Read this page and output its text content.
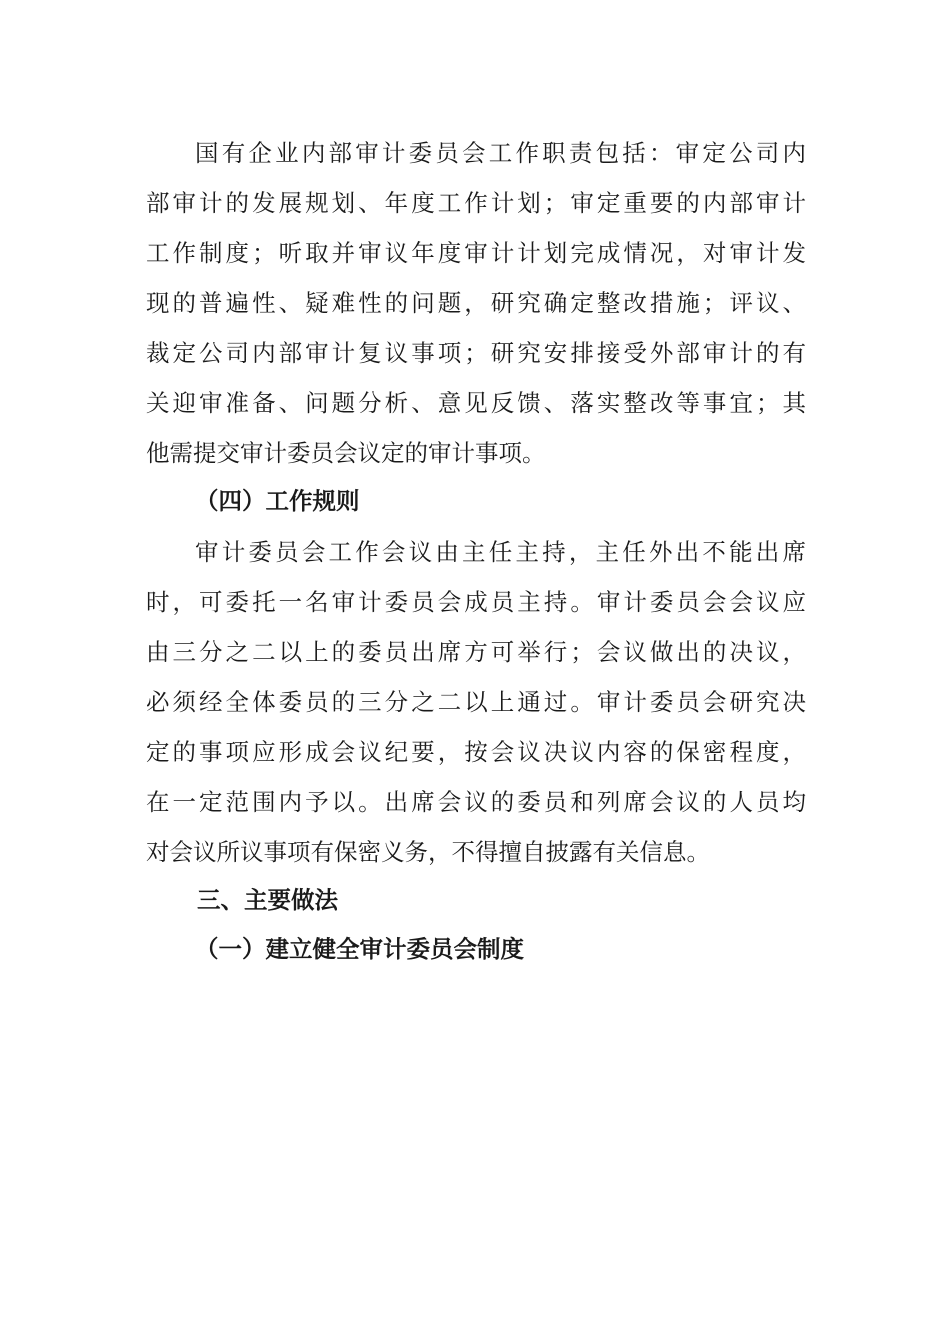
国有企业内部审计委员会工作职责包括：审定公司内
部审计的发展规划、年度工作计划；审定重要的内部审计
工作制度；听取并审议年度审计计划完成情况，对审计发
现的普遍性、疑难性的问题，研究确定整改措施；评议、
裁定公司内部审计复议事项；研究安排接受外部审计的有
关迎审准备、问题分析、意见反馈、落实整改等事宜；其
他需提交审计委员会议定的审计事项。
（四）工作规则
审计委员会工作会议由主任主持，主任外出不能出席
时，可委托一名审计委员会成员主持。审计委员会会议应
由三分之二以上的委员出席方可举行；会议做出的决议，
必须经全体委员的三分之二以上通过。审计委员会研究决
定的事项应形成会议纪要，按会议决议内容的保密程度，
在一定范围内予以。出席会议的委员和列席会议的人员均
对会议所议事项有保密义务，不得擅自披露有关信息。
三、主要做法
（一）建立健全审计委员会制度
